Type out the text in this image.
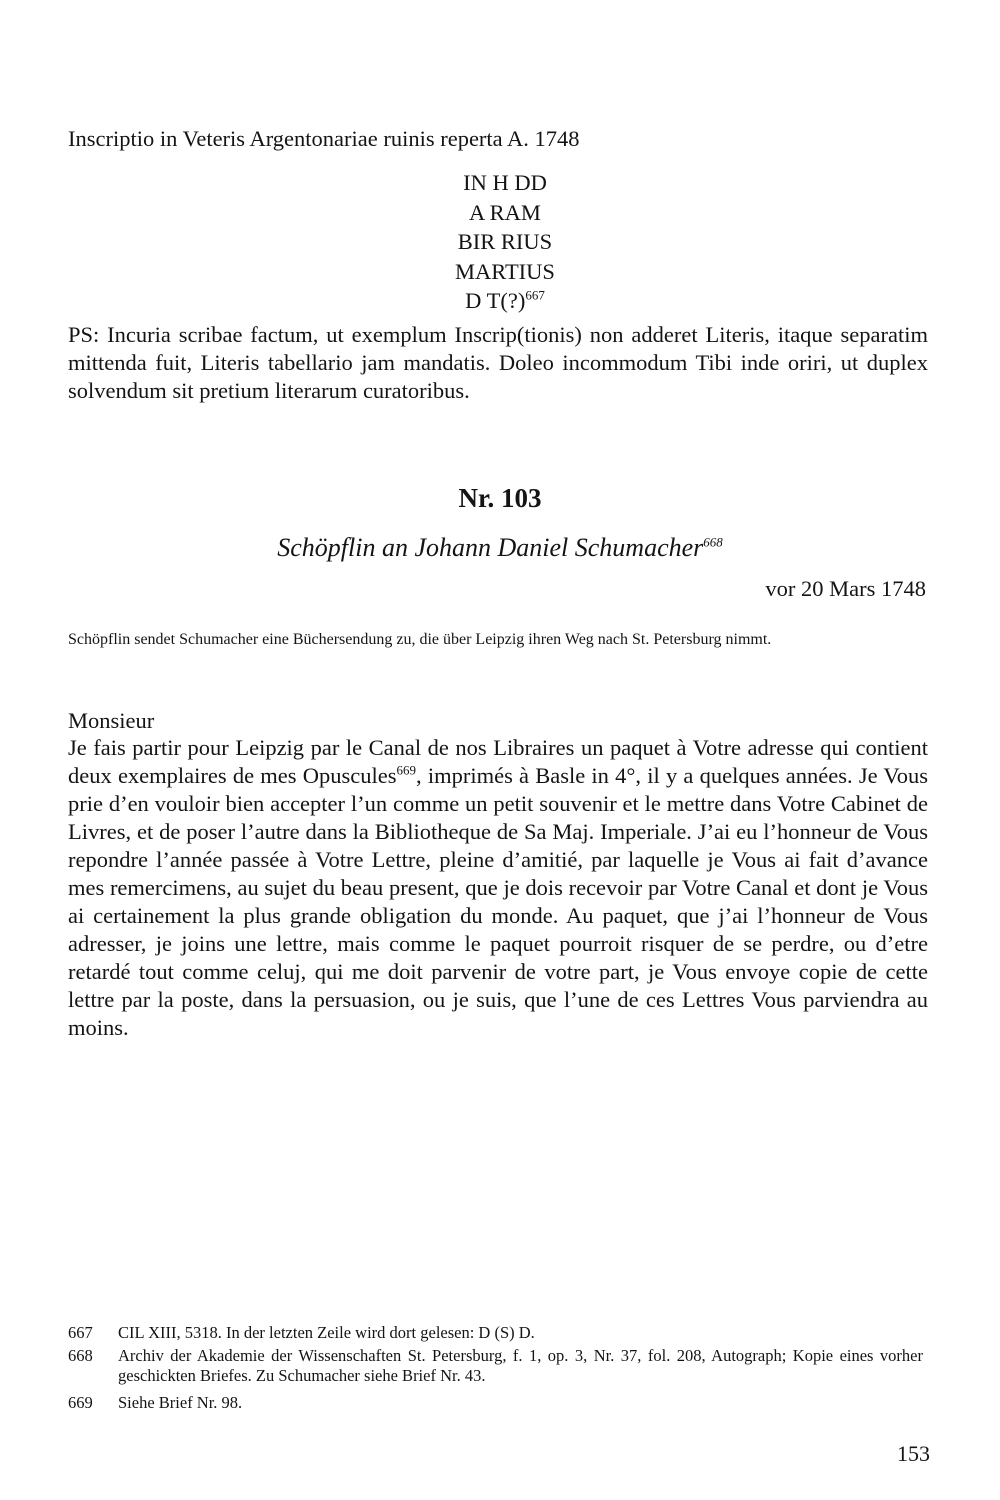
Inscriptio in Veteris Argentonariae ruinis reperta A. 1748
IN H DD
A RAM
BIR RIUS
MARTIUS
D T(?)$^{667}$
PS: Incuria scribae factum, ut exemplum Inscrip(tionis) non adderet Literis, itaque separatim mittenda fuit, Literis tabellario jam mandatis. Doleo incommodum Tibi inde oriri, ut duplex solvendum sit pretium literarum curatoribus.
Nr. 103
Schöpflin an Johann Daniel Schumacher$^{668}$
vor 20 Mars 1748
Schöpflin sendet Schumacher eine Büchersendung zu, die über Leipzig ihren Weg nach St. Petersburg nimmt.
Monsieur
Je fais partir pour Leipzig par le Canal de nos Libraires un paquet à Votre adresse qui contient deux exemplaires de mes Opuscules$^{669}$, imprimés à Basle in 4°, il y a quelques années. Je Vous prie d’en vouloir bien accepter l’un comme un petit souvenir et le mettre dans Votre Cabinet de Livres, et de poser l’autre dans la Bibliotheque de Sa Maj. Imperiale. J’ai eu l’honneur de Vous repondre l’année passée à Votre Lettre, pleine d’amitié, par laquelle je Vous ai fait d’avance mes remercimens, au sujet du beau present, que je dois recevoir par Votre Canal et dont je Vous ai certainement la plus grande obligation du monde. Au paquet, que j’ai l’honneur de Vous adresser, je joins une lettre, mais comme le paquet pourroit risquer de se perdre, ou d’etre retardé tout comme celuj, qui me doit parvenir de votre part, je Vous envoye copie de cette lettre par la poste, dans la persuasion, ou je suis, que l’une de ces Lettres Vous parviendra au moins.
667	CIL XIII, 5318. In der letzten Zeile wird dort gelesen: D (S) D.
668	Archiv der Akademie der Wissenschaften St. Petersburg, f. 1, op. 3, Nr. 37, fol. 208, Autograph; Kopie eines vorher geschickten Briefes. Zu Schumacher siehe Brief Nr. 43.
669	Siehe Brief Nr. 98.
153
